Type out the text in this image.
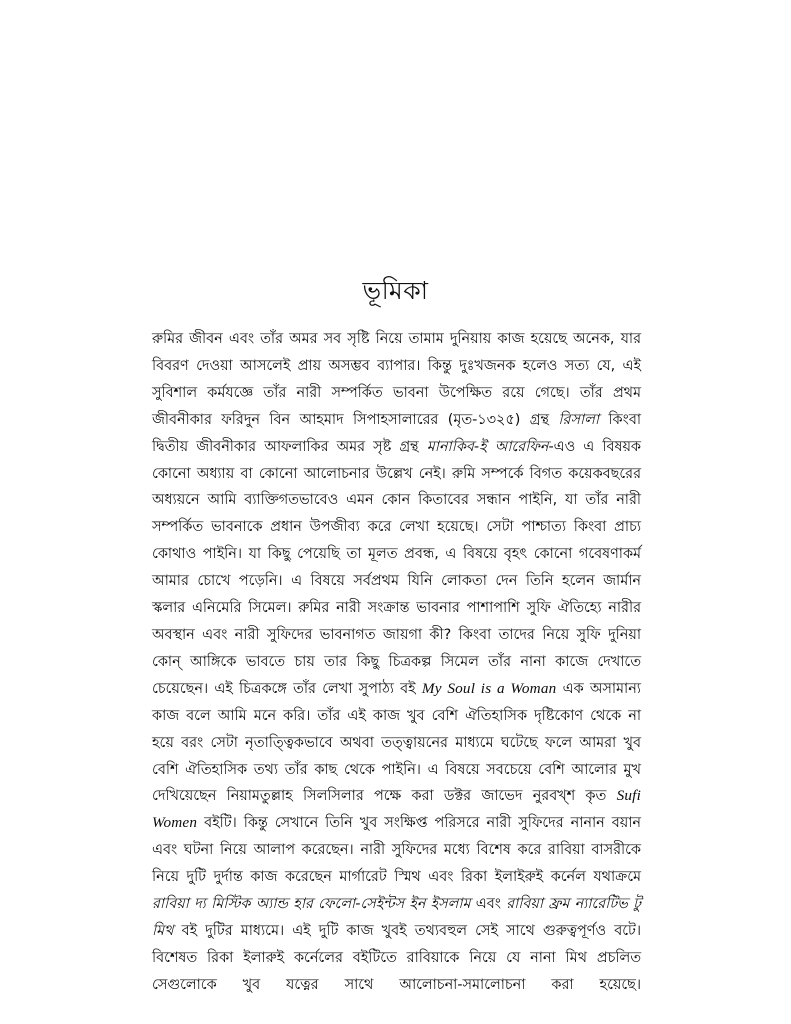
ভূমিকা

রুমির জীবন এবং তাঁর অমর সব সৃষ্টি নিয়ে তামাম দুনিয়ায় কাজ হয়েছে অনেক, যার বিবরণ দেওয়া আসলেই প্রায় অসম্ভব ব্যাপার। কিন্তু দুঃখজনক হলেও সত্য যে, এই সুবিশাল কর্মযজ্ঞে তাঁর নারী সম্পর্কিত ভাবনা উপেক্ষিত রয়ে গেছে। তাঁর প্রথম জীবনীকার ফরিদুন বিন আহমাদ সিপাহসালারের (মৃত-১৩২৫) গ্রন্থ রিসালা কিংবা দ্বিতীয় জীবনীকার আফলাকির অমর সৃষ্ট গ্রন্থ মানাকিব-ই আরেফিন-এও এ বিষয়ক কোনো অধ্যায় বা কোনো আলোচনার উল্লেখ নেই। রুমি সম্পর্কে বিগত কয়েকবছরের অধ্যয়নে আমি ব্যাক্তিগতভাবেও এমন কোন কিতাবের সন্ধান পাইনি, যা তাঁর নারী সম্পর্কিত ভাবনাকে প্রধান উপজীব্য করে লেখা হয়েছে। সেটা পাশ্চাত্য কিংবা প্রাচ্য কোথাও পাইনি। যা কিছু পেয়েছি তা মূলত প্রবন্ধ, এ বিষয়ে বৃহৎ কোনো গবেষণাকর্ম আমার চোখে পড়েনি। এ বিষয়ে সর্বপ্রথম যিনি লোকতা দেন তিনি হলেন জার্মান স্কলার এনিমেরি সিমেল। রুমির নারী সংক্রান্ত ভাবনার পাশাপাশি সুফি ঐতিহ্যে নারীর অবস্থান এবং নারী সুফিদের ভাবনাগত জায়গা কী? কিংবা তাদের নিয়ে সুফি দুনিয়া কোন্ আঙ্গিকে ভাবতে চায় তার কিছু চিত্রকল্প সিমেল তাঁর নানা কাজে দেখাতে চেয়েছেন। এই চিত্রকঙ্গে তাঁর লেখা সুপাঠ্য বই My Soul is a Woman এক অসামান্য কাজ বলে আমি মনে করি। তাঁর এই কাজ খুব বেশি ঐতিহাসিক দৃষ্টিকোণ থেকে না হয়ে বরং সেটা নৃতাত্ত্বিকভাবে অথবা তত্ত্বায়নের মাধ্যমে ঘটেছে ফলে আমরা খুব বেশি ঐতিহাসিক তথ্য তাঁর কাছ থেকে পাইনি। এ বিষয়ে সবচেয়ে বেশি আলোর মুখ দেখিয়েছেন নিয়ামতুল্লাহ সিলসিলার পক্ষে করা ডক্টর জাভেদ নুরবখ্শ কৃত Sufi Women বইটি। কিন্তু সেখানে তিনি খুব সংক্ষিপ্ত পরিসরে নারী সুফিদের নানান বয়ান এবং ঘটনা নিয়ে আলাপ করেছেন। নারী সুফিদের মধ্যে বিশেষ করে রাবিয়া বাসরীকে নিয়ে দুটি দুর্দান্ত কাজ করেছেন মার্গারেট স্মিথ এবং রিকা ইলাইরুই কর্নেল যথাক্রমে রাবিয়া দ্য মিস্টিক অ্যান্ড হার ফেলো-সেইন্টস ইন ইসলাম এবং রাবিয়া ফ্রম ন্যারেটিভ টু মিথ বই দুটির মাধ্যমে। এই দুটি কাজ খুবই তথ্যবহুল সেই সাথে গুরুত্বপূর্ণও বটে। বিশেষত রিকা ইলারুই কর্নেলের বইটিতে রাবিয়াকে নিয়ে যে নানা মিথ প্রচলিত সেগুলোকে খুব যত্নের সাথে আলোচনা-সমালোচনা করা হয়েছে।
